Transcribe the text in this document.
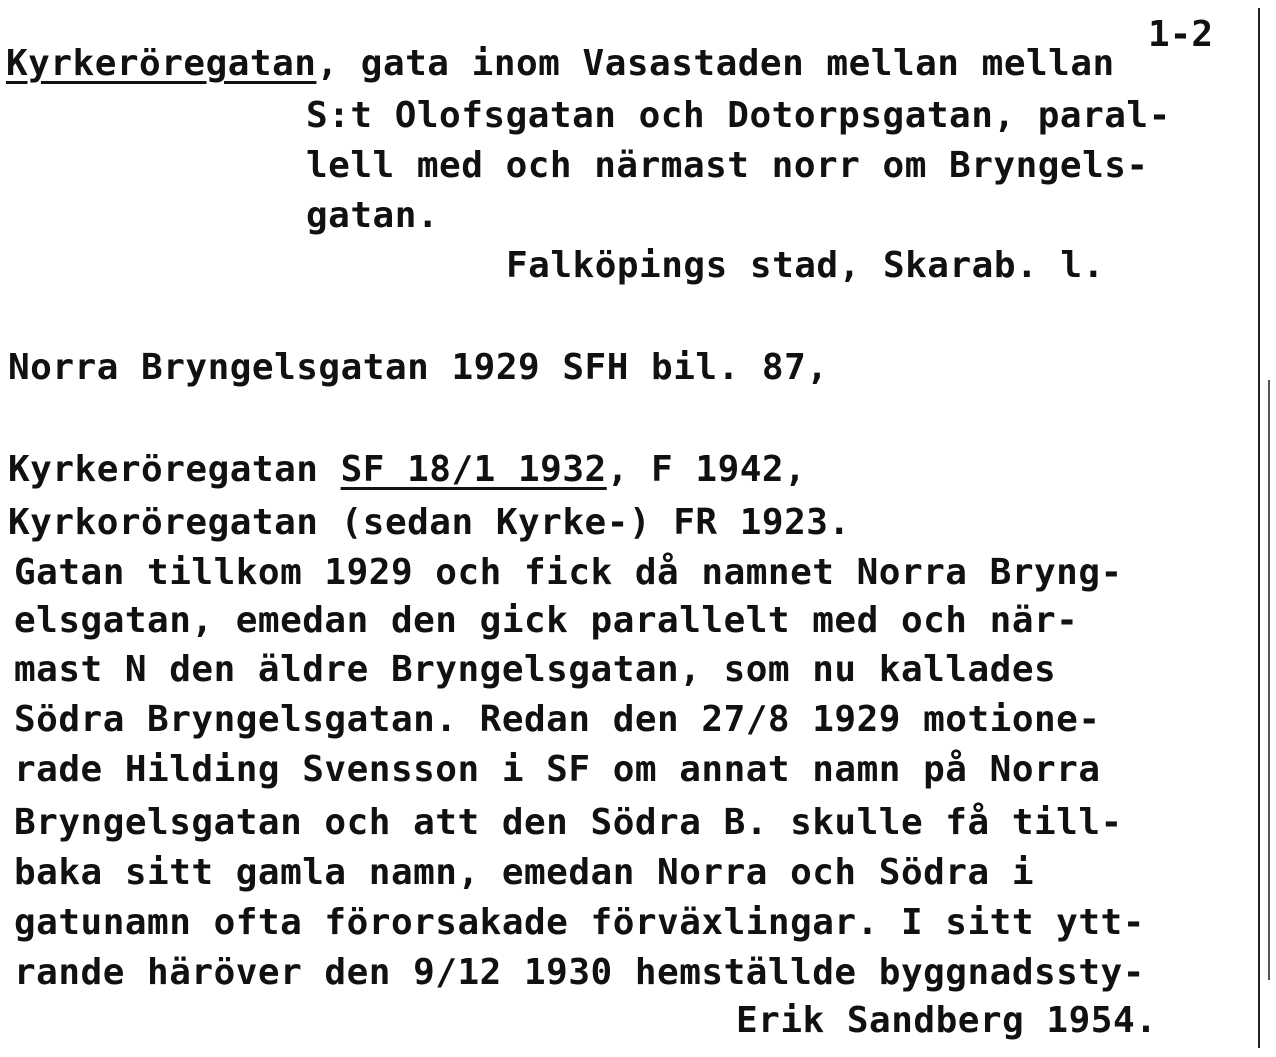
1-2
Kyrkeröregatan, gata inom Vasastaden mellan mellan
S:t Olofsgatan och Dotorpsgatan, paral-
lell med och närmast norr om Bryngels-
gatan.
Falköpings stad, Skarab. l.
Norra Bryngelsgatan 1929 SFH bil. 87,
Kyrkeröregatan SF 18/1 1932, F 1942,
Kyrkoröregatan (sedan Kyrke-) FR 1923.
Gatan tillkom 1929 och fick då namnet Norra Bryng-
elsgatan, emedan den gick parallelt med och när-
mast N den äldre Bryngelsgatan, som nu kallades
Södra Bryngelsgatan. Redan den 27/8 1929 motione-
rade Hilding Svensson i SF om annat namn på Norra
Bryngelsgatan och att den Södra B. skulle få till-
baka sitt gamla namn, emedan Norra och Södra i
gatunamn ofta förorsakade förväxlingar. I sitt ytt-
rande häröver den 9/12 1930 hemställde byggnadssty-
Erik Sandberg 1954.
